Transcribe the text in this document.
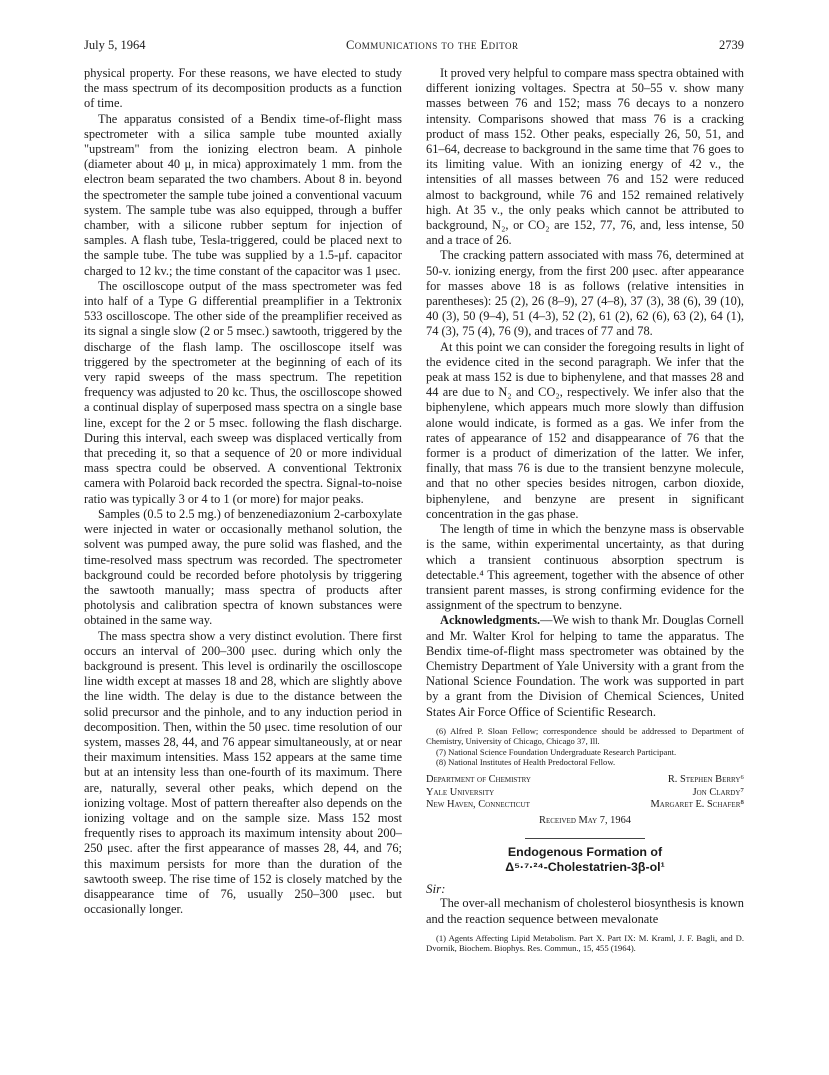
July 5, 1964	Communications to the Editor	2739

physical property. For these reasons, we have elected to study the mass spectrum of its decomposition products as a function of time.

The apparatus consisted of a Bendix time-of-flight mass spectrometer with a silica sample tube mounted axially "upstream" from the ionizing electron beam. A pinhole (diameter about 40 μ, in mica) approximately 1 mm. from the electron beam separated the two chambers. About 8 in. beyond the spectrometer the sample tube joined a conventional vacuum system. The sample tube was also equipped, through a buffer chamber, with a silicone rubber septum for injection of samples. A flash tube, Tesla-triggered, could be placed next to the sample tube. The tube was supplied by a 1.5-μf. capacitor charged to 12 kv.; the time constant of the capacitor was 1 μsec.

The oscilloscope output of the mass spectrometer was fed into half of a Type G differential preamplifier in a Tektronix 533 oscilloscope. The other side of the preamplifier received as its signal a single slow (2 or 5 msec.) sawtooth, triggered by the discharge of the flash lamp. The oscilloscope itself was triggered by the spectrometer at the beginning of each of its very rapid sweeps of the mass spectrum. The repetition frequency was adjusted to 20 kc. Thus, the oscilloscope showed a continual display of superposed mass spectra on a single base line, except for the 2 or 5 msec. following the flash discharge. During this interval, each sweep was displaced vertically from that preceding it, so that a sequence of 20 or more individual mass spectra could be observed. A conventional Tektronix camera with Polaroid back recorded the spectra. Signal-to-noise ratio was typically 3 or 4 to 1 (or more) for major peaks.

Samples (0.5 to 2.5 mg.) of benzenediazonium 2-carboxylate were injected in water or occasionally methanol solution, the solvent was pumped away, the pure solid was flashed, and the time-resolved mass spectrum was recorded. The spectrometer background could be recorded before photolysis by triggering the sawtooth manually; mass spectra of products after photolysis and calibration spectra of known substances were obtained in the same way.

The mass spectra show a very distinct evolution. There first occurs an interval of 200–300 μsec. during which only the background is present. This level is ordinarily the oscilloscope line width except at masses 18 and 28, which are slightly above the line width. The delay is due to the distance between the solid precursor and the pinhole, and to any induction period in decomposition. Then, within the 50 μsec. time resolution of our system, masses 28, 44, and 76 appear simultaneously, at or near their maximum intensities. Mass 152 appears at the same time but at an intensity less than one-fourth of its maximum. There are, naturally, several other peaks, which depend on the ionizing voltage. Most of pattern thereafter also depends on the ionizing voltage and on the sample size. Mass 152 most frequently rises to approach its maximum intensity about 200–250 μsec. after the first appearance of masses 28, 44, and 76; this maximum persists for more than the duration of the sawtooth sweep. The rise time of 152 is closely matched by the disappearance time of 76, usually 250–300 μsec. but occasionally longer.

It proved very helpful to compare mass spectra obtained with different ionizing voltages. Spectra at 50–55 v. show many masses between 76 and 152; mass 76 decays to a nonzero intensity. Comparisons showed that mass 76 is a cracking product of mass 152. Other peaks, especially 26, 50, 51, and 61–64, decrease to background in the same time that 76 goes to its limiting value. With an ionizing energy of 42 v., the intensities of all masses between 76 and 152 were reduced almost to background, while 76 and 152 remained relatively high. At 35 v., the only peaks which cannot be attributed to background, N₂, or CO₂ are 152, 77, 76, and, less intense, 50 and a trace of 26.

The cracking pattern associated with mass 76, determined at 50-v. ionizing energy, from the first 200 μsec. after appearance for masses above 18 is as follows (relative intensities in parentheses): 25 (2), 26 (8–9), 27 (4–8), 37 (3), 38 (6), 39 (10), 40 (3), 50 (9–4), 51 (4–3), 52 (2), 61 (2), 62 (6), 63 (2), 64 (1), 74 (3), 75 (4), 76 (9), and traces of 77 and 78.

At this point we can consider the foregoing results in light of the evidence cited in the second paragraph. We infer that the peak at mass 152 is due to biphenylene, and that masses 28 and 44 are due to N₂ and CO₂, respectively. We infer also that the biphenylene, which appears much more slowly than diffusion alone would indicate, is formed as a gas. We infer from the rates of appearance of 152 and disappearance of 76 that the former is a product of dimerization of the latter. We infer, finally, that mass 76 is due to the transient benzyne molecule, and that no other species besides nitrogen, carbon dioxide, biphenylene, and benzyne are present in significant concentration in the gas phase.

The length of time in which the benzyne mass is observable is the same, within experimental uncertainty, as that during which a transient continuous absorption spectrum is detectable.⁴ This agreement, together with the absence of other transient parent masses, is strong confirming evidence for the assignment of the spectrum to benzyne.

Acknowledgments.—We wish to thank Mr. Douglas Cornell and Mr. Walter Krol for helping to tame the apparatus. The Bendix time-of-flight mass spectrometer was obtained by the Chemistry Department of Yale University with a grant from the National Science Foundation. The work was supported in part by a grant from the Division of Chemical Sciences, United States Air Force Office of Scientific Research.

(6) Alfred P. Sloan Fellow; correspondence should be addressed to Department of Chemistry, University of Chicago, Chicago 37, Ill.

(7) National Science Foundation Undergraduate Research Participant.

(8) National Institutes of Health Predoctoral Fellow.

Department of Chemistry
Yale University
New Haven, Connecticut
R. Stephen Berry⁶
Jon Clardy⁷
Margaret E. Schafer⁸
Received May 7, 1964
Endogenous Formation of
Δ⁵·⁷·²⁴-Cholestatrien-3β-ol¹
Sir:

The over-all mechanism of cholesterol biosynthesis is known and the reaction sequence between mevalonate

(1) Agents Affecting Lipid Metabolism. Part X. Part IX: M. Kraml, J. F. Bagli, and D. Dvornik, Biochem. Biophys. Res. Commun., 15, 455 (1964).
